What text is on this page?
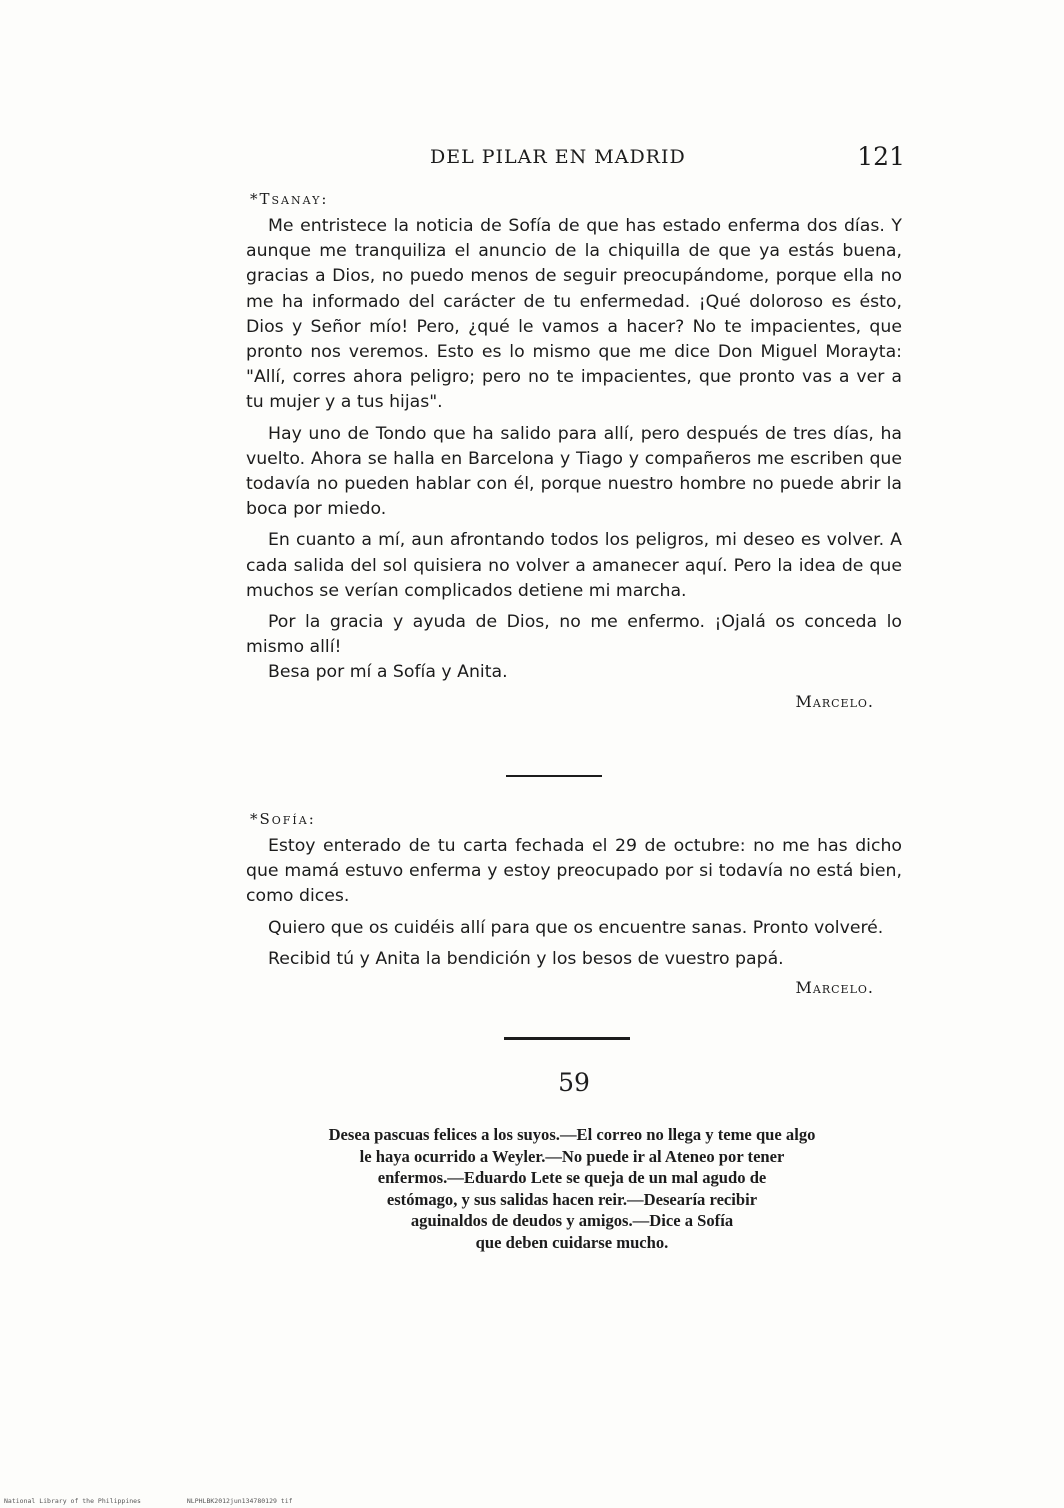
DEL PILAR EN MADRID	121
*Tsanay:

Me entristece la noticia de Sofía de que has estado enferma dos días. Y aunque me tranquiliza el anuncio de la chiquilla de que ya estás buena, gracias a Dios, no puedo menos de seguir preocupándome, porque ella no me ha informado del carácter de tu enfermedad. ¡Qué doloroso es ésto, Dios y Señor mío! Pero, ¿qué le vamos a hacer? No te impacientes, que pronto nos veremos. Esto es lo mismo que me dice Don Miguel Morayta: "Allí, corres ahora peligro; pero no te impacientes, que pronto vas a ver a tu mujer y a tus hijas".

Hay uno de Tondo que ha salido para allí, pero después de tres días, ha vuelto. Ahora se halla en Barcelona y Tiago y compañeros me escriben que todavía no pueden hablar con él, porque nuestro hombre no puede abrir la boca por miedo.

En cuanto a mí, aun afrontando todos los peligros, mi deseo es volver. A cada salida del sol quisiera no volver a amanecer aquí. Pero la idea de que muchos se verían complicados detiene mi marcha.

Por la gracia y ayuda de Dios, no me enfermo. ¡Ojalá os conceda lo mismo allí!

Besa por mí a Sofía y Anita.

Marcelo.
*Sofía:

Estoy enterado de tu carta fechada el 29 de octubre: no me has dicho que mamá estuvo enferma y estoy preocupado por si todavía no está bien, como dices.

Quiero que os cuidéis allí para que os encuentre sanas. Pronto volveré.

Recibid tú y Anita la bendición y los besos de vuestro papá.

Marcelo.
59
Desea pascuas felices a los suyos.—El correo no llega y teme que algo
le haya ocurrido a Weyler.—No puede ir al Ateneo por tener
enfermos.—Eduardo Lete se queja de un mal agudo de
estómago, y sus salidas hacen reir.—Desearía recibir
aguinaldos de deudos y amigos.—Dice a Sofía
que deben cuidarse mucho.
National Library of the Philippines	NLPHLBK2012jun134780129 tif
